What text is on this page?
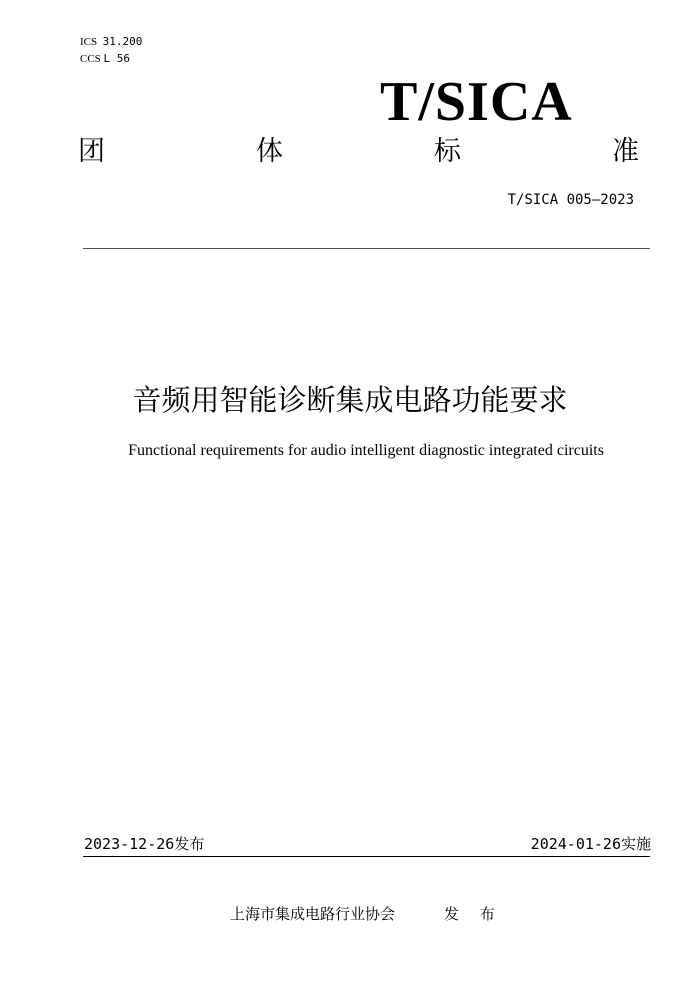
ICS 31.200
CCS L 56
T/SICA
团	体	标	准
T/SICA 005—2023
音频用智能诊断集成电路功能要求
Functional requirements for audio intelligent diagnostic integrated circuits
2023-12-26发布	2024-01-26实施
上海市集成电路行业协会	发 布
